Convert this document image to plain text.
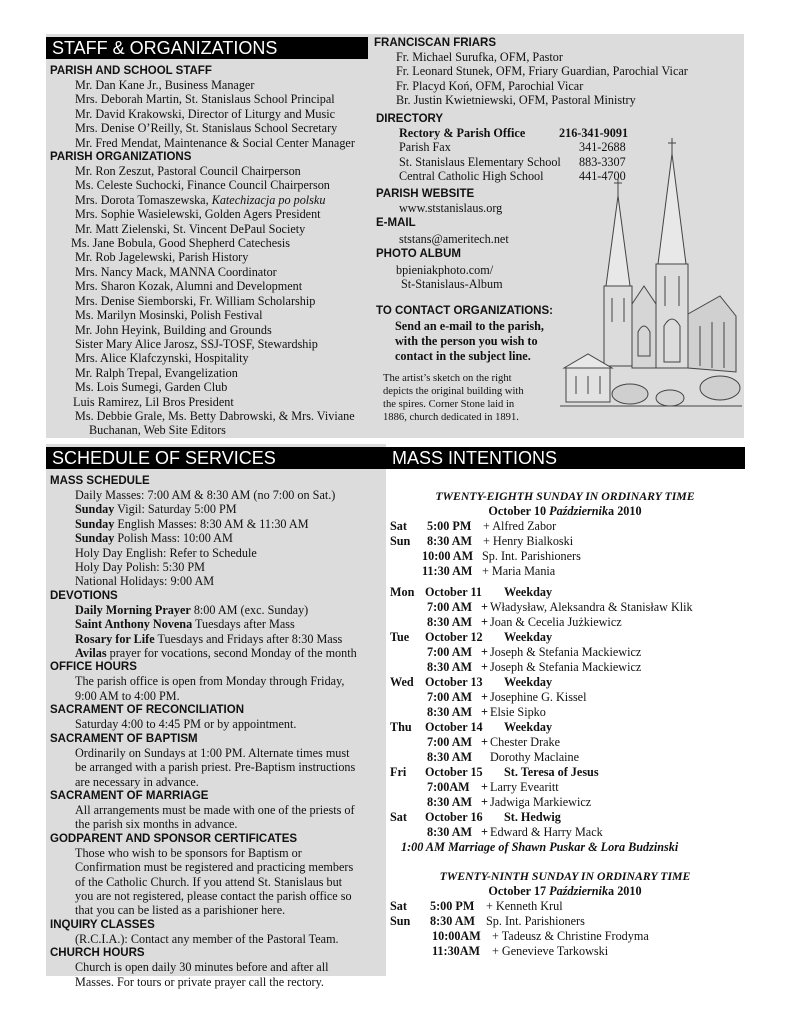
STAFF & ORGANIZATIONS
SCHEDULE OF SERVICES	MASS INTENTIONS
PARISH AND SCHOOL STAFF
Mr. Dan Kane Jr., Business Manager
Mrs. Deborah Martin, St. Stanislaus School Principal
Mr. David Krakowski, Director of Liturgy and Music
Mrs. Denise O’Reilly, St. Stanislaus School Secretary
Mr. Fred Mendat, Maintenance & Social Center Manager
PARISH ORGANIZATIONS
Mr. Ron Zeszut, Pastoral Council Chairperson
Ms. Celeste Suchocki, Finance Council Chairperson
Mrs. Dorota Tomaszewska, Katechizacja po polsku
Mrs. Sophie Wasielewski, Golden Agers President
Mr. Matt Zielenski, St. Vincent DePaul Society
Ms. Jane Bobula, Good Shepherd Catechesis
Mr. Rob Jagelewski, Parish History
Mrs. Nancy Mack, MANNA Coordinator
Mrs. Sharon Kozak, Alumni and Development
Mrs. Denise Siemborski, Fr. William Scholarship
Ms. Marilyn Mosinski, Polish Festival
Mr. John Heyink, Building and Grounds
Sister Mary Alice Jarosz, SSJ-TOSF, Stewardship
Mrs. Alice Klafczynski, Hospitality
Mr. Ralph Trepal, Evangelization
Ms. Lois Sumegi, Garden Club
Luis Ramirez, Lil Bros President
Ms. Debbie Grale, Ms. Betty Dabrowski, & Mrs. Viviane
Buchanan, Web Site Editors
FRANCISCAN FRIARS
Fr. Michael Surufka, OFM, Pastor
Fr. Leonard Stunek, OFM, Friary Guardian, Parochial Vicar
Fr. Placyd Koń, OFM, Parochial Vicar
Br. Justin Kwietniewski, OFM, Pastoral Ministry
DIRECTORY
Rectory & Parish Office	216-341-9091
Parish Fax	341-2688
St. Stanislaus Elementary School	883-3307
Central Catholic High School	441-4700
PARISH WEBSITE
www.ststanislaus.org
E-MAIL
ststans@ameritech.net
PHOTO ALBUM
bpieniakphoto.com/
St-Stanislaus-Album
TO CONTACT ORGANIZATIONS:
Send an e-mail to the parish,
with the person you wish to
contact in the subject line.
The artist’s sketch on the right
depicts the original building with
the spires. Corner Stone laid in
1886, church dedicated in 1891.
MASS SCHEDULE
Daily Masses: 7:00 AM & 8:30 AM (no 7:00 on Sat.)
Sunday Vigil: Saturday 5:00 PM
Sunday English Masses: 8:30 AM & 11:30 AM
Sunday Polish Mass: 10:00 AM
Holy Day English: Refer to Schedule
Holy Day Polish: 5:30 PM
National Holidays: 9:00 AM
DEVOTIONS
Daily Morning Prayer 8:00 AM (exc. Sunday)
Saint Anthony Novena Tuesdays after Mass
Rosary for Life Tuesdays and Fridays after 8:30 Mass
Avilas prayer for vocations, second Monday of the month
OFFICE HOURS
The parish office is open from Monday through Friday,
9:00 AM to 4:00 PM.
SACRAMENT OF RECONCILIATION
Saturday 4:00 to 4:45 PM or by appointment.
SACRAMENT OF BAPTISM
Ordinarily on Sundays at 1:00 PM. Alternate times must
be arranged with a parish priest. Pre-Baptism instructions
are necessary in advance.
SACRAMENT OF MARRIAGE
All arrangements must be made with one of the priests of
the parish six months in advance.
GODPARENT AND SPONSOR CERTIFICATES
Those who wish to be sponsors for Baptism or
Confirmation must be registered and practicing members
of the Catholic Church. If you attend St. Stanislaus but
you are not registered, please contact the parish office so
that you can be listed as a parishioner here.
INQUIRY CLASSES
(R.C.I.A.): Contact any member of the Pastoral Team.
CHURCH HOURS
Church is open daily 30 minutes before and after all
Masses. For tours or private prayer call the rectory.
TWENTY-EIGHTH SUNDAY IN ORDINARY TIME
October 10 Października 2010
Sat 5:00 PM + Alfred Zabor
Sun 8:30 AM + Henry Bialkoski
10:00 AM Sp. Int. Parishioners
11:30 AM + Maria Mania
Mon October 11 Weekday
7:00 AM + Władysław, Aleksandra & Stanisław Klik
8:30 AM + Joan & Cecelia Jużkiewicz
Tue October 12 Weekday
7:00 AM + Joseph & Stefania Mackiewicz
8:30 AM + Joseph & Stefania Mackiewicz
Wed October 13 Weekday
7:00 AM + Josephine G. Kissel
8:30 AM + Elsie Sipko
Thu October 14 Weekday
7:00 AM + Chester Drake
8:30 AM Dorothy Maclaine
Fri October 15 St. Teresa of Jesus
7:00AM + Larry Evearitt
8:30 AM + Jadwiga Markiewicz
Sat October 16 St. Hedwig
8:30 AM + Edward & Harry Mack
1:00 AM Marriage of Shawn Puskar & Lora Budzinski
TWENTY-NINTH SUNDAY IN ORDINARY TIME
October 17 Października 2010
Sat 5:00 PM + Kenneth Krul
Sun 8:30 AM Sp. Int. Parishioners
10:00AM + Tadeusz & Christine Frodyma
11:30AM + Genevieve Tarkowski
